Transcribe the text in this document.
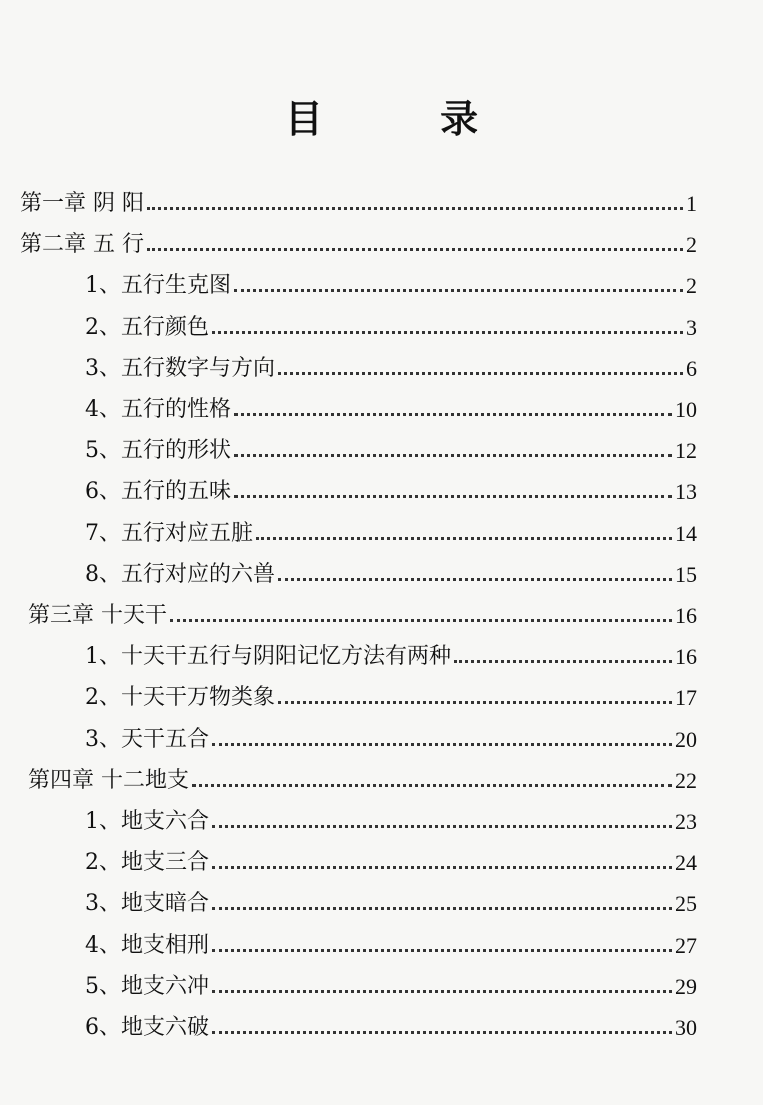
目 录
第一章 阴 阳	1
第二章 五 行	2
1、五行生克图	2
2、五行颜色	3
3、五行数字与方向	6
4、五行的性格	10
5、五行的形状	12
6、五行的五味	13
7、五行对应五脏	14
8、五行对应的六兽	15
第三章 十天干	16
1、十天干五行与阴阳记忆方法有两种	16
2、十天干万物类象	17
3、天干五合	20
第四章 十二地支	22
1、地支六合	23
2、地支三合	24
3、地支暗合	25
4、地支相刑	27
5、地支六冲	29
6、地支六破	30
